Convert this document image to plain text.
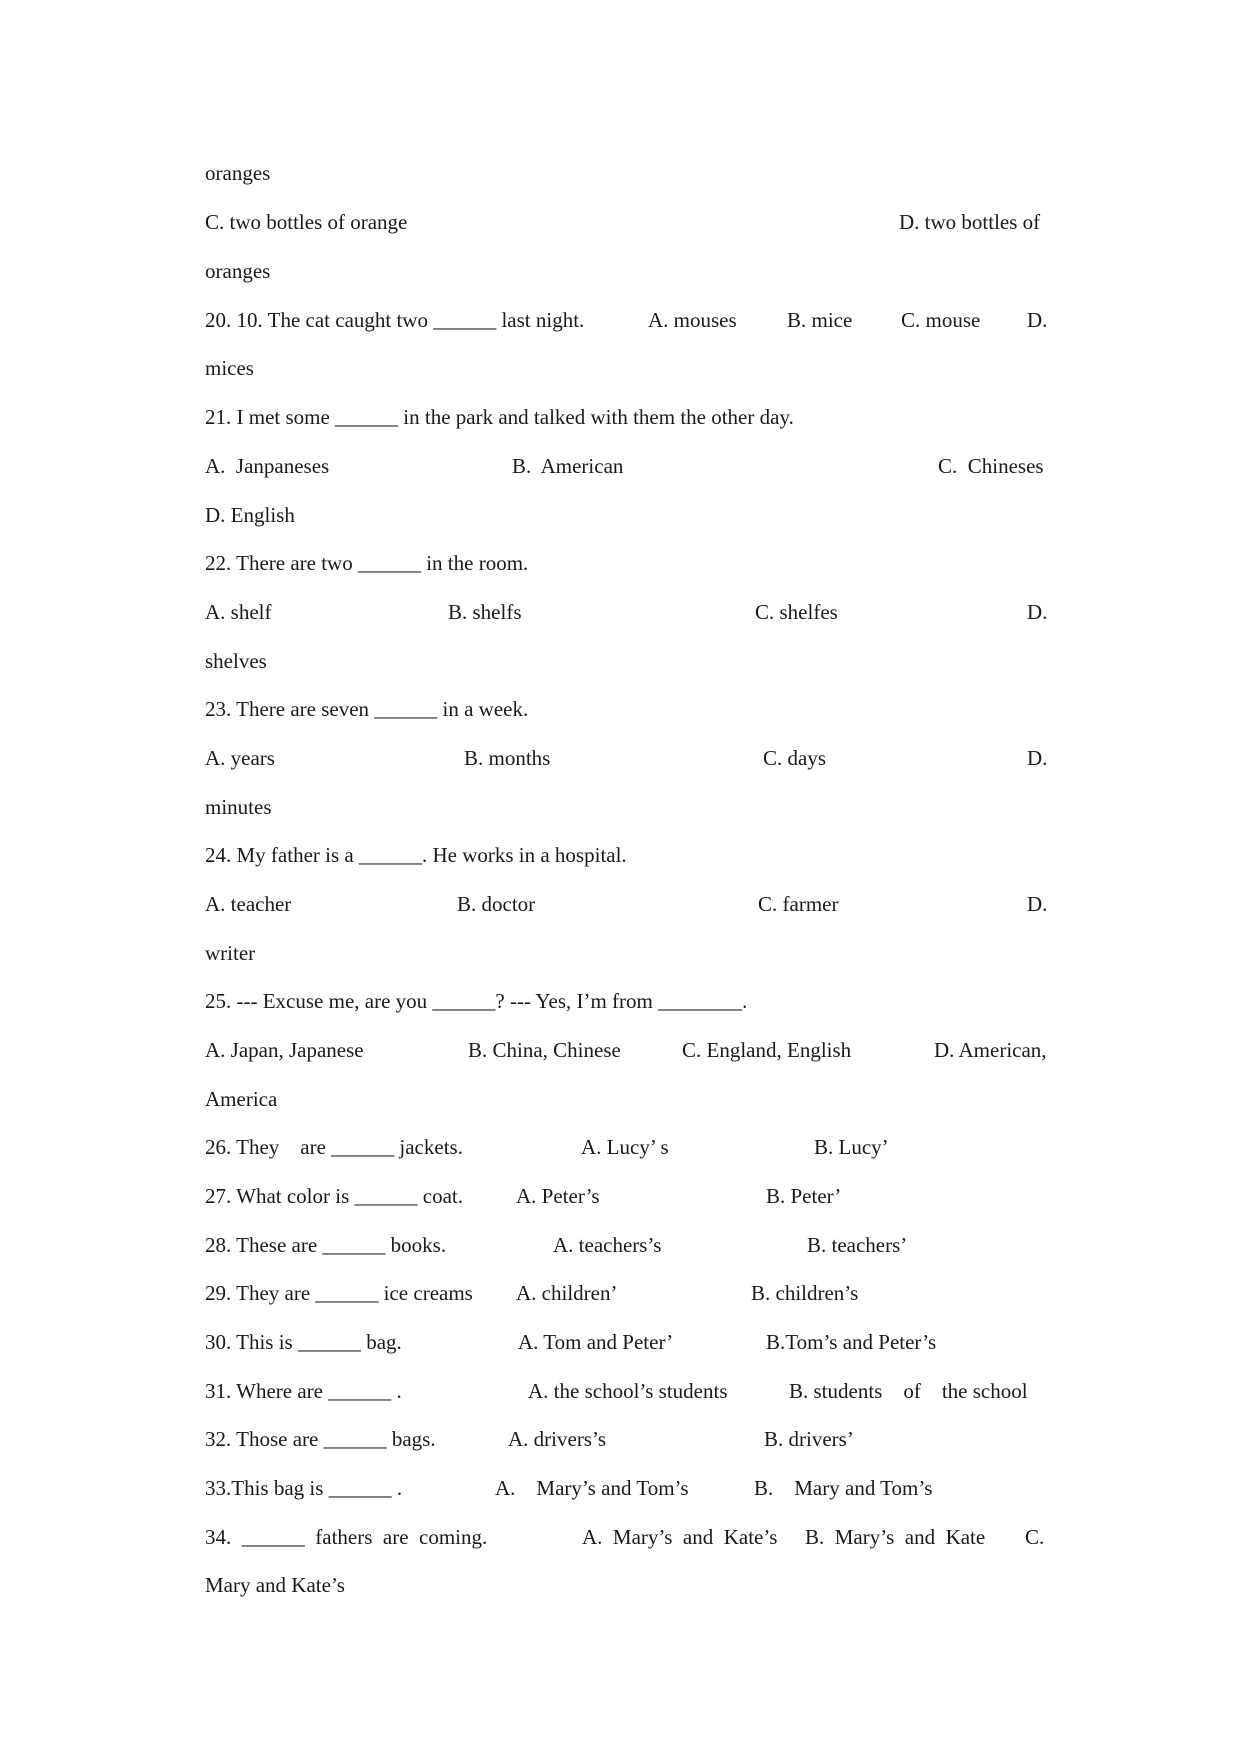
oranges

C. two bottles of orange

	D. two bottles of

oranges

20. 10. The cat caught two ______ last night.

	A. mouses

B. mice

C. mouse

D.

mices

21. I met some ______ in the park and talked with them the other day.

A.  Janpaneses

	B.  American

	C.  Chineses

D. English

22. There are two ______ in the room.

A. shelf

	B. shelfs

	C. shelfes

	D.

shelves

23. There are seven ______ in a week.

A. years

	B. months

	C. days

	D.

minutes

24. My father is a ______. He works in a hospital.

A. teacher

	B. doctor

	C. farmer

	D.

writer

25. --- Excuse me, are you ______? --- Yes, I’m from ________.

A. Japan, Japanese

	B. China, Chinese

	C. England, English

	D. American,

America

26. They    are ______ jackets.

	A. Lucy’ s

	B. Lucy’

27. What color is ______ coat.

	A. Peter’s

	B. Peter’

28. These are ______ books.

	A. teachers’s

	B. teachers’

29. They are ______ ice creams

A. children’

	B. children’s

30. This is ______ bag.

	A. Tom and Peter’

	B.Tom’s and Peter’s

31. Where are ______ .

	A. the school’s students

	B. students    of    the school

32. Those are ______ bags.

	A. drivers’s

	B. drivers’

33.This bag is ______ .

	A.    Mary’s and Tom’s

	B.    Mary and Tom’s

34.  ______  fathers  are  coming.

	A.  Mary’s  and  Kate’s

B.  Mary’s  and  Kate

C.

Mary and Kate’s
